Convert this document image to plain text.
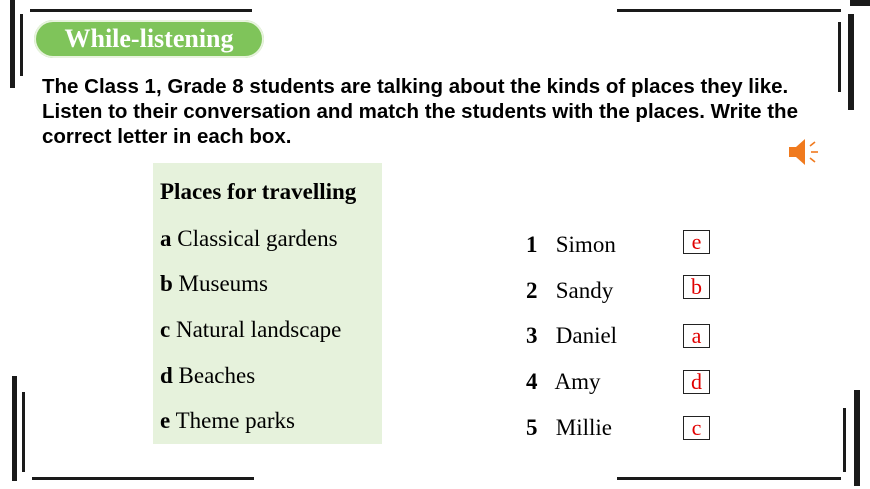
While-listening
The Class 1, Grade 8 students are talking about the kinds of places they like. Listen to their conversation and match the students with the places. Write the correct letter in each box.
Places for travelling
a Classical gardens
b Museums
c Natural landscape
d Beaches
e Theme parks
1 Simon	e
2 Sandy	b
3 Daniel	a
4 Amy	d
5 Millie	c
